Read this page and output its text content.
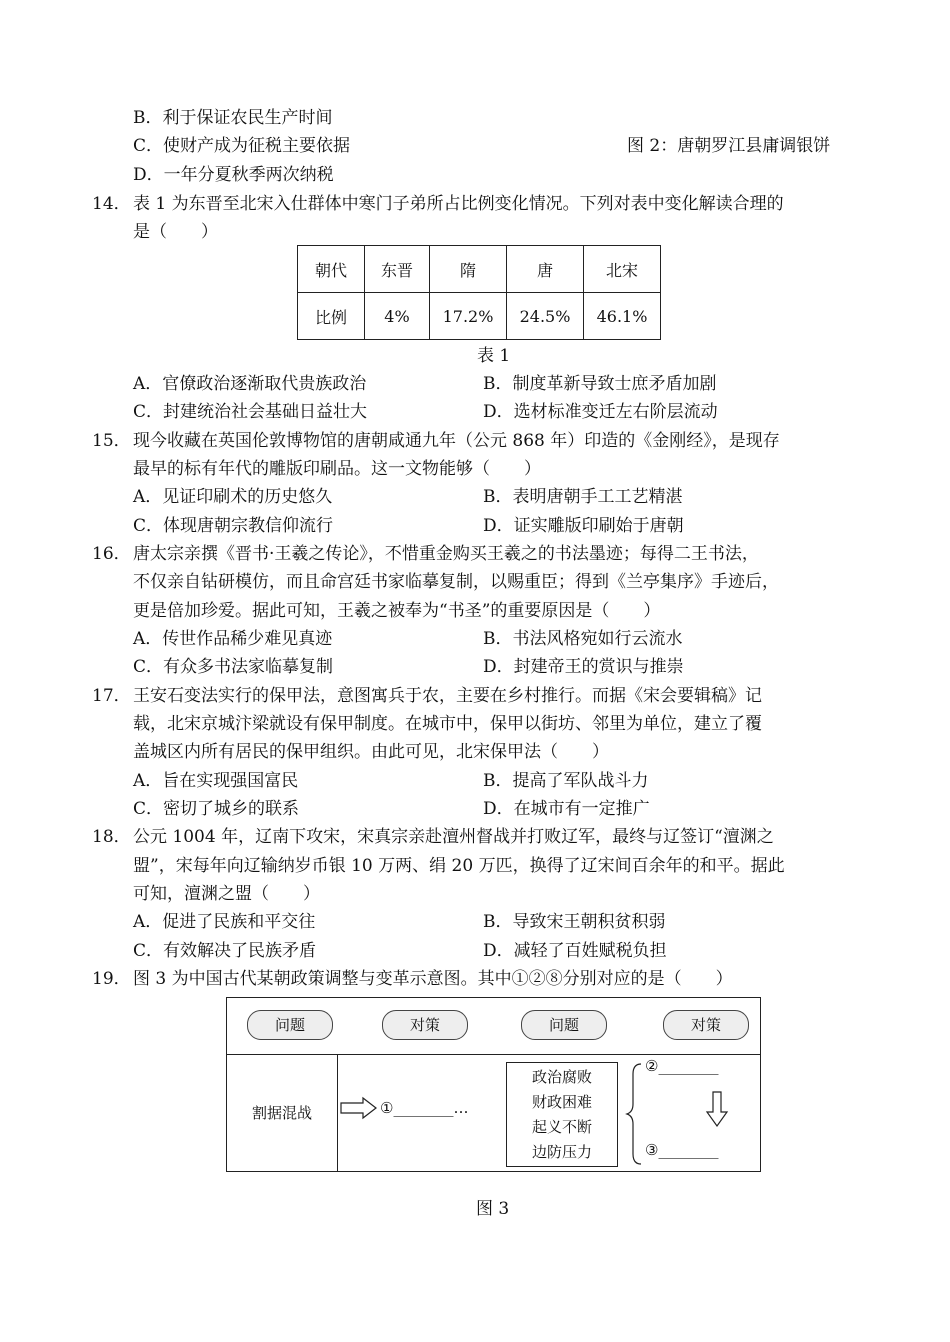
B．利于保证农民生产时间
C．使财产成为征税主要依据	图 2：唐朝罗江县庸调银饼
D．一年分夏秋季两次纳税
14． 表 1 为东晋至北宋入仕群体中寒门子弟所占比例变化情况。下列对表中变化解读合理的
是（　　）
朝代	东晋	隋	唐	北宋
比例	4%	17.2%	24.5%	46.1%
表 1
A．官僚政治逐渐取代贵族政治	B．制度革新导致士庶矛盾加剧
C．封建统治社会基础日益壮大	D．选材标准变迁左右阶层流动
15． 现今收藏在英国伦敦博物馆的唐朝咸通九年（公元 868 年）印造的《金刚经》，是现存
最早的标有年代的雕版印刷品。这一文物能够（　　）
A．见证印刷术的历史悠久	B．表明唐朝手工工艺精湛
C．体现唐朝宗教信仰流行	D．证实雕版印刷始于唐朝
16． 唐太宗亲撰《晋书·王羲之传论》，不惜重金购买王羲之的书法墨迹；每得二王书法，
不仅亲自钻研模仿，而且命宫廷书家临摹复制，以赐重臣；得到《兰亭集序》手迹后，
更是倍加珍爱。据此可知，王羲之被奉为“书圣”的重要原因是（　　）
A．传世作品稀少难见真迹	B．书法风格宛如行云流水
C．有众多书法家临摹复制	D．封建帝王的赏识与推崇
17． 王安石变法实行的保甲法，意图寓兵于农，主要在乡村推行。而据《宋会要辑稿》记
载，北宋京城汴梁就设有保甲制度。在城市中，保甲以街坊、邻里为单位，建立了覆
盖城区内所有居民的保甲组织。由此可见，北宋保甲法（　　）
A．旨在实现强国富民	B．提高了军队战斗力
C．密切了城乡的联系	D．在城市有一定推广
18． 公元 1004 年，辽南下攻宋，宋真宗亲赴澶州督战并打败辽军，最终与辽签订“澶渊之
盟”，宋每年向辽输纳岁币银 10 万两、绢 20 万匹，换得了辽宋间百余年的和平。据此
可知，澶渊之盟（　　）
A．促进了民族和平交往	B．导致宋王朝积贫积弱
C．有效解决了民族矛盾	D．减轻了百姓赋税负担
19． 图 3 为中国古代某朝政策调整与变革示意图。其中①②⑧分别对应的是（　　）
问题	对策	问题	对策
割据混战	①________…
政治腐败
财政困难
起义不断
边防压力
②________
③________
图 3
